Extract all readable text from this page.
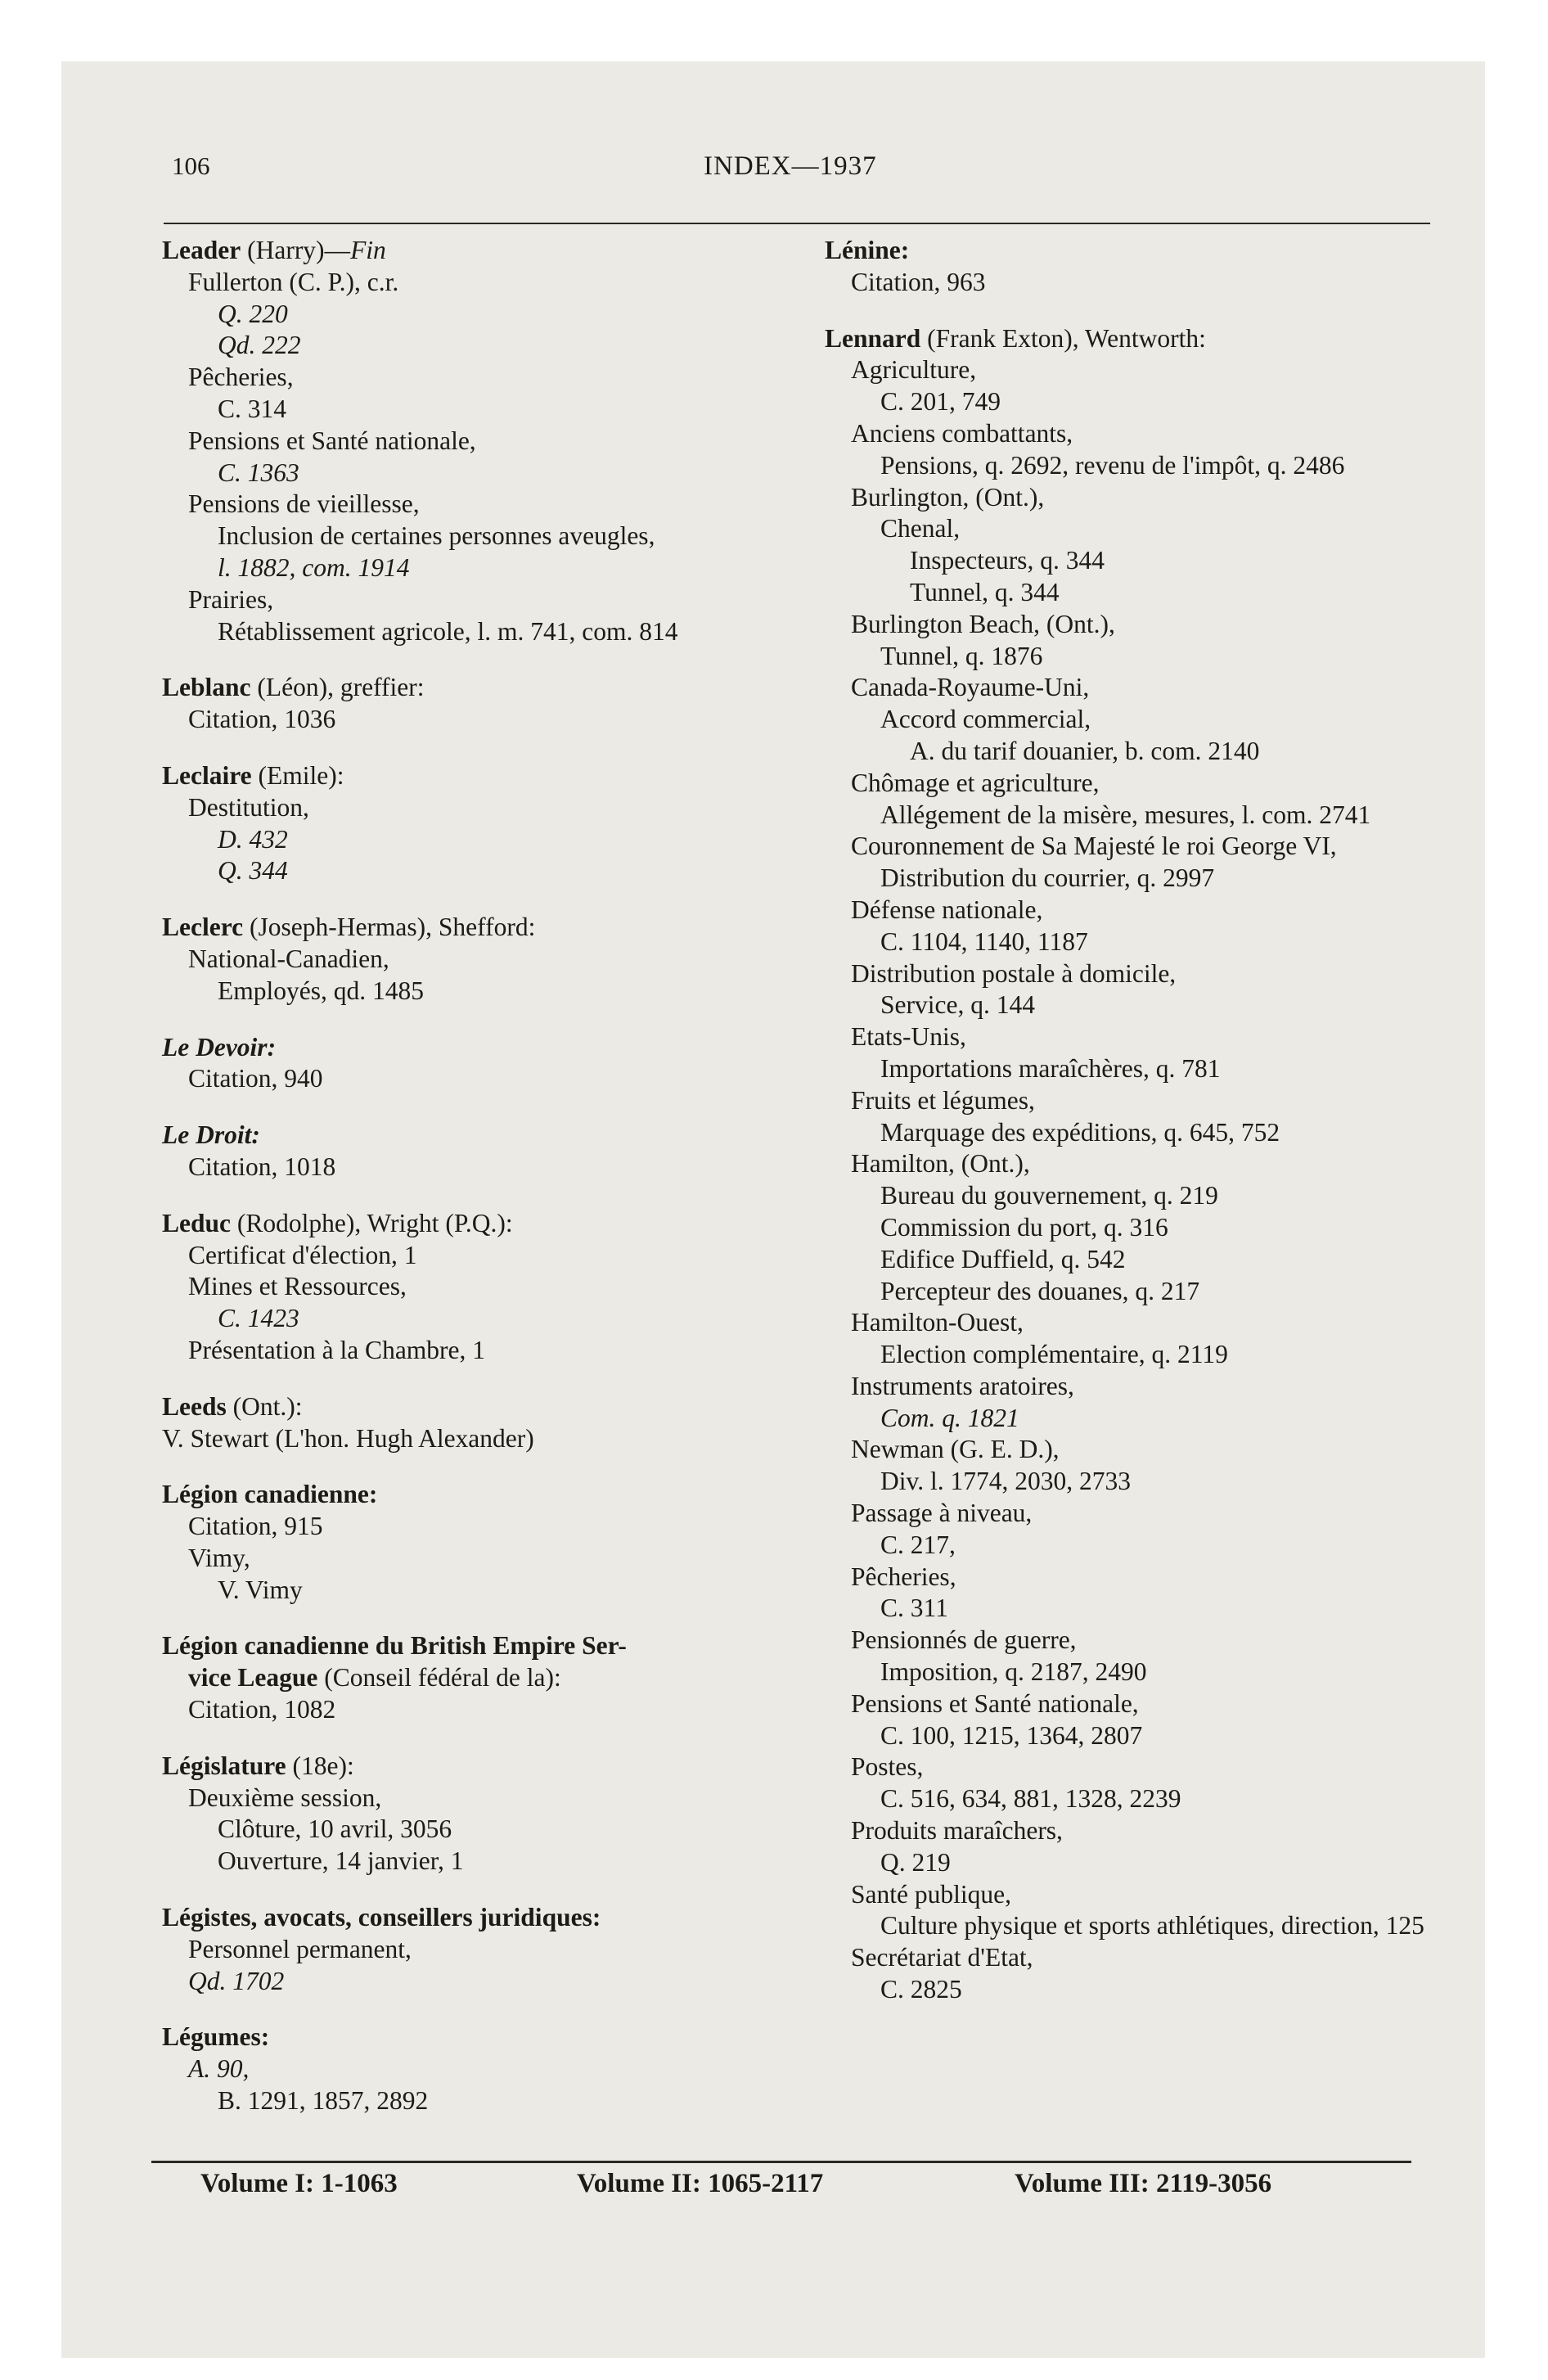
106	INDEX—1937
Leader (Harry)—Fin
Fullerton (C. P.), c.r.
Q. 220
Qd. 222
Pêcheries,
C. 314
Pensions et Santé nationale,
C. 1363
Pensions de vieillesse,
Inclusion de certaines personnes aveugles,
l. 1882, com. 1914
Prairies,
Rétablissement agricole, l. m. 741, com. 814
Leblanc (Léon), greffier:
Citation, 1036
Leclaire (Emile):
Destitution,
D. 432
Q. 344
Leclerc (Joseph-Hermas), Shefford:
National-Canadien,
Employés, qd. 1485
Le Devoir:
Citation, 940
Le Droit:
Citation, 1018
Leduc (Rodolphe), Wright (P.Q.):
Certificat d'élection, 1
Mines et Ressources,
C. 1423
Présentation à la Chambre, 1
Leeds (Ont.):
V. Stewart (L'hon. Hugh Alexander)
Légion canadienne:
Citation, 915
Vimy,
V. Vimy
Légion canadienne du British Empire Ser-
vice League (Conseil fédéral de la):
Citation, 1082
Législature (18e):
Deuxième session,
Clôture, 10 avril, 3056
Ouverture, 14 janvier, 1
Légistes, avocats, conseillers juridiques:
Personnel permanent,
Qd. 1702
Légumes:
A. 90,
B. 1291, 1857, 2892
Lénine:
Citation, 963
Lennard (Frank Exton), Wentworth:
Agriculture,
C. 201, 749
Anciens combattants,
Pensions, q. 2692, revenu de l'impôt, q. 2486
Burlington, (Ont.),
Chenal,
Inspecteurs, q. 344
Tunnel, q. 344
Burlington Beach, (Ont.),
Tunnel, q. 1876
Canada-Royaume-Uni,
Accord commercial,
A. du tarif douanier, b. com. 2140
Chômage et agriculture,
Allégement de la misère, mesures, l. com. 2741
Couronnement de Sa Majesté le roi George VI,
Distribution du courrier, q. 2997
Défense nationale,
C. 1104, 1140, 1187
Distribution postale à domicile,
Service, q. 144
Etats-Unis,
Importations maraîchères, q. 781
Fruits et légumes,
Marquage des expéditions, q. 645, 752
Hamilton, (Ont.),
Bureau du gouvernement, q. 219
Commission du port, q. 316
Edifice Duffield, q. 542
Percepteur des douanes, q. 217
Hamilton-Ouest,
Election complémentaire, q. 2119
Instruments aratoires,
Com. q. 1821
Newman (G. E. D.),
Div. l. 1774, 2030, 2733
Passage à niveau,
C. 217,
Pêcheries,
C. 311
Pensionnés de guerre,
Imposition, q. 2187, 2490
Pensions et Santé nationale,
C. 100, 1215, 1364, 2807
Postes,
C. 516, 634, 881, 1328, 2239
Produits maraîchers,
Q. 219
Santé publique,
Culture physique et sports athlétiques, direction, 125
Secrétariat d'Etat,
C. 2825
Volume I: 1-1063	Volume II: 1065-2117	Volume III: 2119-3056
